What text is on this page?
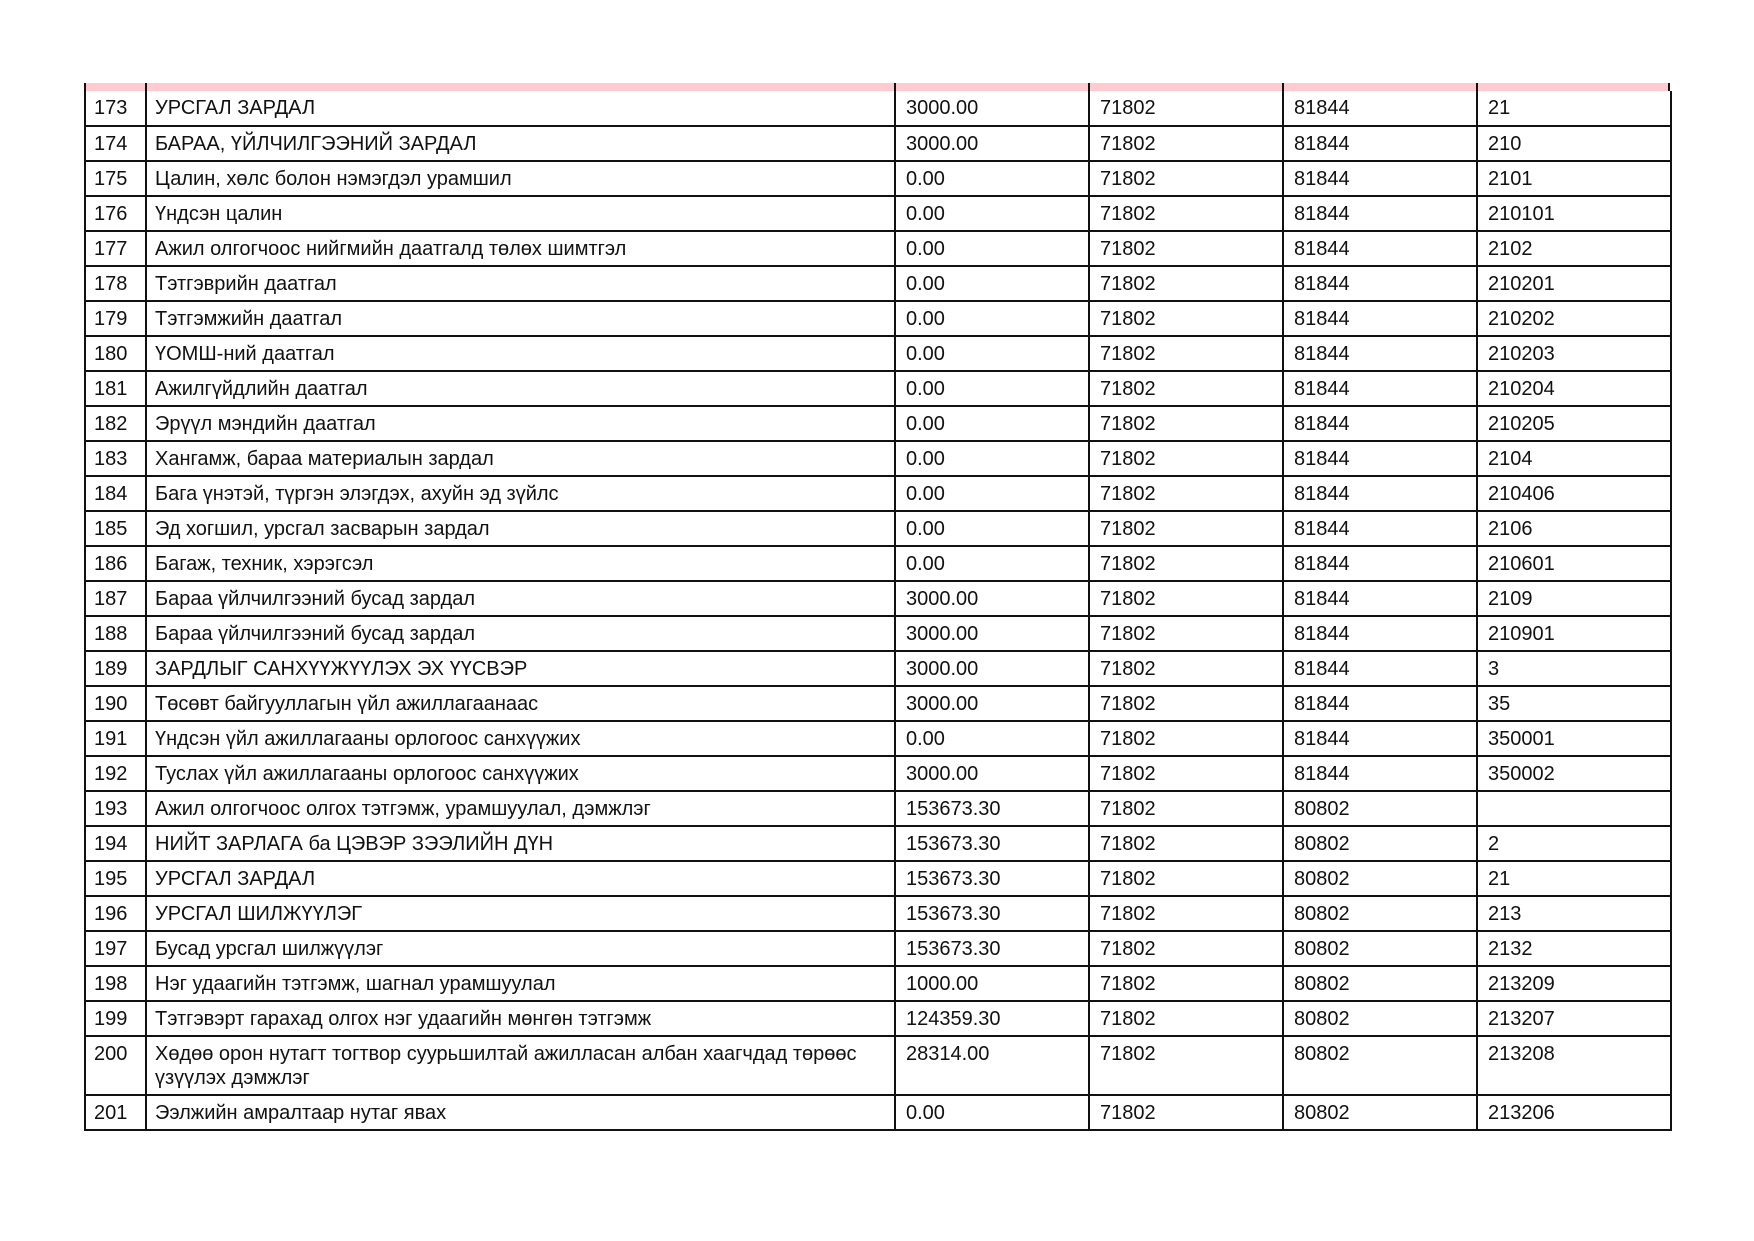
173	УРСГАЛ ЗАРДАЛ	3000.00	71802	81844	21
174	БАРАА, ҮЙЛЧИЛГЭЭНИЙ ЗАРДАЛ	3000.00	71802	81844	210
175	Цалин, хөлс болон нэмэгдэл урамшил	0.00	71802	81844	2101
176	Үндсэн цалин	0.00	71802	81844	210101
177	Ажил олгогчоос нийгмийн даатгалд төлөх шимтгэл	0.00	71802	81844	2102
178	Тэтгэврийн даатгал	0.00	71802	81844	210201
179	Тэтгэмжийн даатгал	0.00	71802	81844	210202
180	ҮОМШ-ний даатгал	0.00	71802	81844	210203
181	Ажилгүйдлийн даатгал	0.00	71802	81844	210204
182	Эрүүл мэндийн даатгал	0.00	71802	81844	210205
183	Хангамж, бараа материалын зардал	0.00	71802	81844	2104
184	Бага үнэтэй, түргэн элэгдэх, ахуйн эд зүйлс	0.00	71802	81844	210406
185	Эд хогшил, урсгал засварын зардал	0.00	71802	81844	2106
186	Багаж, техник, хэрэгсэл	0.00	71802	81844	210601
187	Бараа үйлчилгээний бусад зардал	3000.00	71802	81844	2109
188	Бараа үйлчилгээний бусад зардал	3000.00	71802	81844	210901
189	ЗАРДЛЫГ САНХҮҮЖҮҮЛЭХ ЭХ ҮҮСВЭР	3000.00	71802	81844	3
190	Төсөвт байгууллагын үйл ажиллагаанаас	3000.00	71802	81844	35
191	Үндсэн үйл ажиллагааны орлогоос санхүүжих	0.00	71802	81844	350001
192	Туслах үйл ажиллагааны орлогоос санхүүжих	3000.00	71802	81844	350002
193	Ажил олгогчоос олгох тэтгэмж, урамшуулал, дэмжлэг	153673.30	71802	80802	
194	НИЙТ ЗАРЛАГА ба ЦЭВЭР ЗЭЭЛИЙН ДҮН	153673.30	71802	80802	2
195	УРСГАЛ ЗАРДАЛ	153673.30	71802	80802	21
196	УРСГАЛ ШИЛЖҮҮЛЭГ	153673.30	71802	80802	213
197	Бусад урсгал шилжүүлэг	153673.30	71802	80802	2132
198	Нэг удаагийн тэтгэмж, шагнал урамшуулал	1000.00	71802	80802	213209
199	Тэтгэвэрт гарахад олгох нэг удаагийн мөнгөн тэтгэмж	124359.30	71802	80802	213207
200	Хөдөө орон нутагт тогтвор суурьшилтай ажилласан албан хаагчдад төрөөс үзүүлэх дэмжлэг	28314.00	71802	80802	213208
201	Ээлжийн амралтаар нутаг явах	0.00	71802	80802	213206
